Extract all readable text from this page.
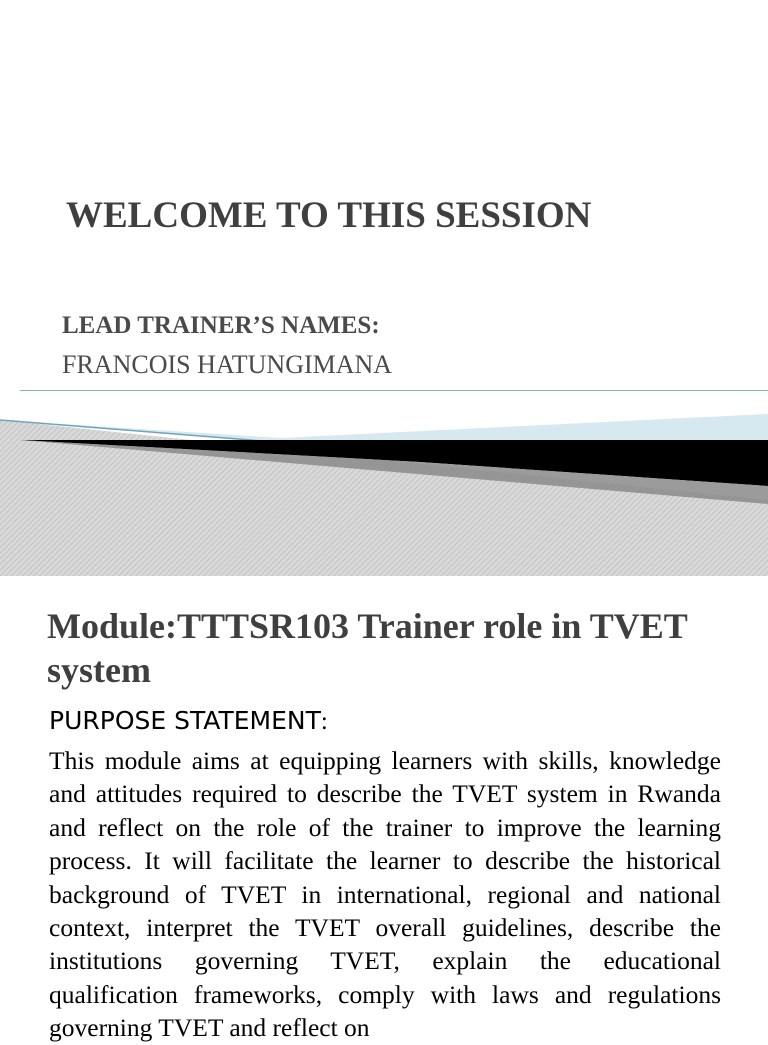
WELCOME TO THIS SESSION

LEAD TRAINER’S NAMES:

FRANCOIS HATUNGIMANA

Module:TTTSR103 Trainer role in TVET system

PURPOSE STATEMENT:

This module aims at equipping learners with skills, knowledge and attitudes required to describe the TVET system in Rwanda and reflect on the role of the trainer to improve the learning process. It will facilitate the learner to describe the historical background of TVET in international, regional and national context, interpret the TVET overall guidelines, describe the institutions governing TVET, explain the educational qualification frameworks, comply with laws and regulations governing TVET and reflect on
